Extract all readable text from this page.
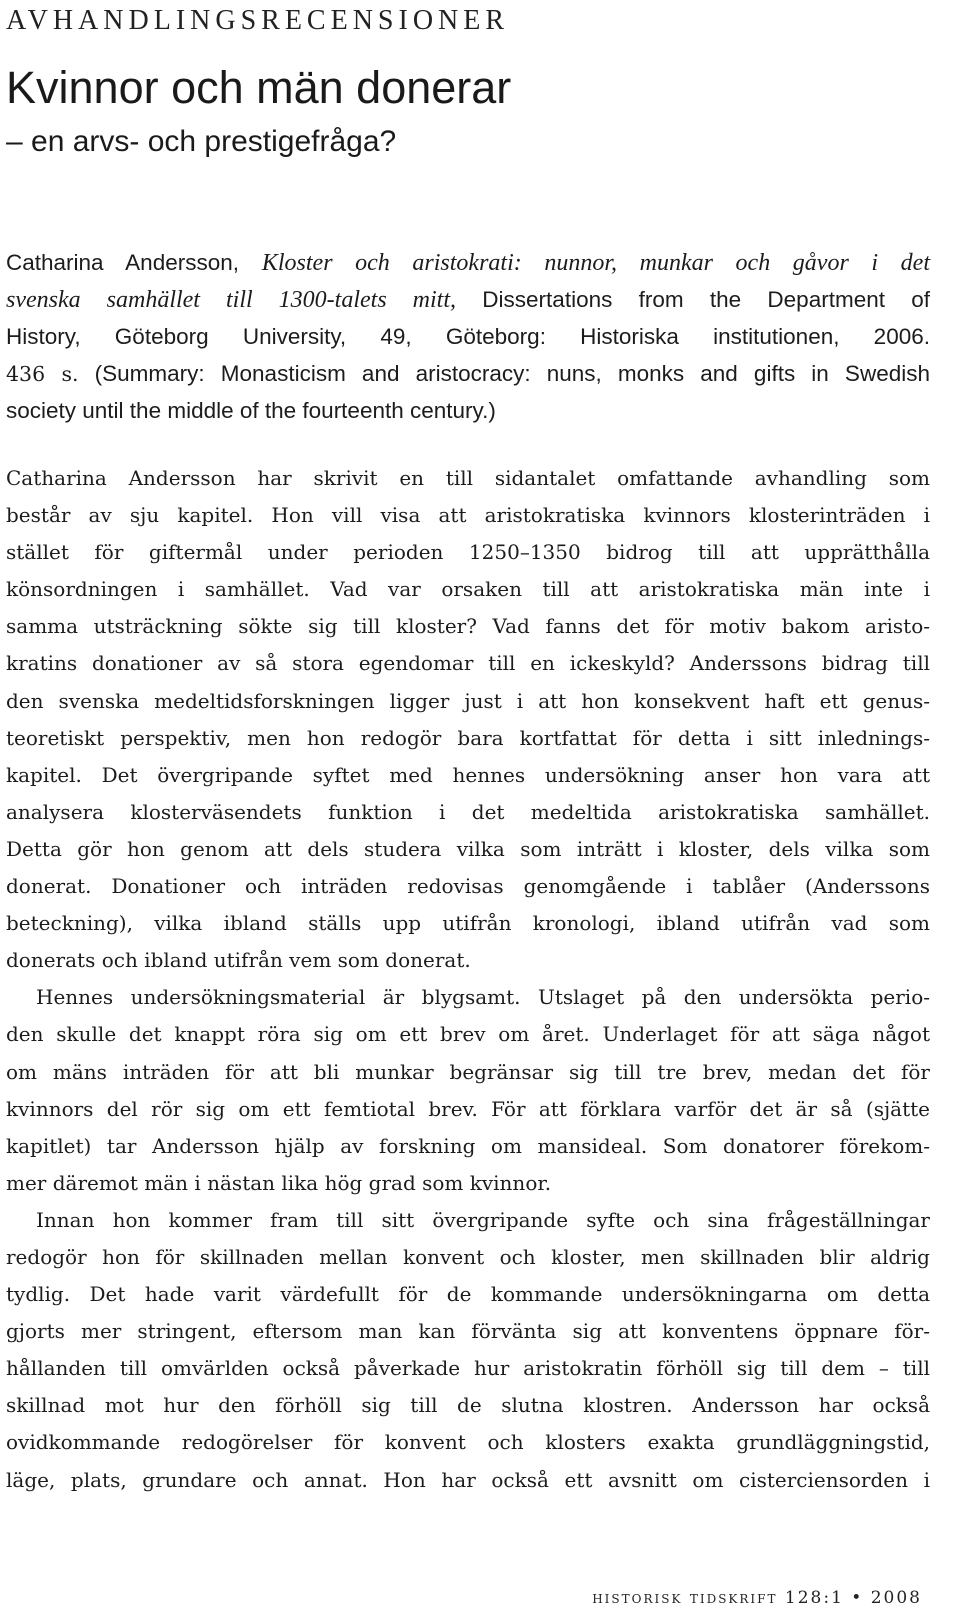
AVHANDLINGSRECENSIONER
Kvinnor och män donerar
– en arvs- och prestigefråga?
Catharina Andersson, Kloster och aristokrati: nunnor, munkar och gåvor i det
svenska samhället till 1300-talets mitt, Dissertations from the Department of
History, Göteborg University, 49, Göteborg: Historiska institutionen, 2006.
436 s. (Summary: Monasticism and aristocracy: nuns, monks and gifts in Swedish
society until the middle of the fourteenth century.)
Catharina Andersson har skrivit en till sidantalet omfattande avhandling som
består av sju kapitel. Hon vill visa att aristokratiska kvinnors klosterinträden i
stället för giftermål under perioden 1250–1350 bidrog till att upprätthålla
könsordningen i samhället. Vad var orsaken till att aristokratiska män inte i
samma utsträckning sökte sig till kloster? Vad fanns det för motiv bakom aristo-
kratins donationer av så stora egendomar till en ickeskyld? Anderssons bidrag till
den svenska medeltidsforskningen ligger just i att hon konsekvent haft ett genus-
teoretiskt perspektiv, men hon redogör bara kortfattat för detta i sitt inlednings-
kapitel. Det övergripande syftet med hennes undersökning anser hon vara att
analysera klosterväsendets funktion i det medeltida aristokratiska samhället.
Detta gör hon genom att dels studera vilka som inträtt i kloster, dels vilka som
donerat. Donationer och inträden redovisas genomgående i tablåer (Anderssons
beteckning), vilka ibland ställs upp utifrån kronologi, ibland utifrån vad som
donerats och ibland utifrån vem som donerat.
Hennes undersökningsmaterial är blygsamt. Utslaget på den undersökta perio-
den skulle det knappt röra sig om ett brev om året. Underlaget för att säga något
om mäns inträden för att bli munkar begränsar sig till tre brev, medan det för
kvinnors del rör sig om ett femtiotal brev. För att förklara varför det är så (sjätte
kapitlet) tar Andersson hjälp av forskning om mansideal. Som donatorer förekom-
mer däremot män i nästan lika hög grad som kvinnor.
Innan hon kommer fram till sitt övergripande syfte och sina frågeställningar
redogör hon för skillnaden mellan konvent och kloster, men skillnaden blir aldrig
tydlig. Det hade varit värdefullt för de kommande undersökningarna om detta
gjorts mer stringent, eftersom man kan förvänta sig att konventens öppnare för-
hållanden till omvärlden också påverkade hur aristokratin förhöll sig till dem – till
skillnad mot hur den förhöll sig till de slutna klostren. Andersson har också
ovidkommande redogörelser för konvent och klosters exakta grundläggningstid,
läge, plats, grundare och annat. Hon har också ett avsnitt om cisterciensorden i
historisk tidskrift 128:1 • 2008
